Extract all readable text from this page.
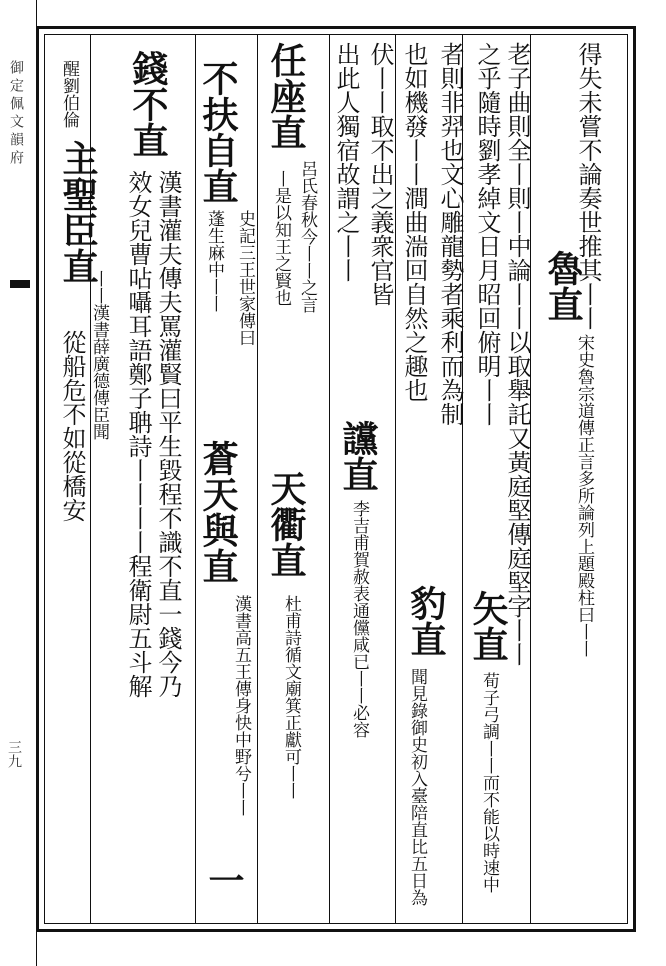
御定佩文韻府
三九
得失未嘗不論奏世推其丨丨
魯直
宋史魯宗道傳正言多所論列上題殿柱曰丨丨
老子曲則全丨則丨中論丨丨以取舉託又黃庭堅傳庭堅字丨丨
之乎隨時劉孝綽文日月昭回俯明丨丨
矢直
荀子弓調丨丨而不能以時速中
者則非羿也文心雕龍勢者乘利而為制
也如機發丨丨澗曲湍回自然之趣也
豹直
聞見錄御史初入臺陪直比五日為
伏丨丨取不出之義衆官皆
讜直
李吉甫賀赦表通儻咸已丨丨必容
出此人獨宿故謂之丨丨
任座直
呂氏春秋今丨丨之言
丨是以知王之賢也
天衢直
杜甫詩循文廟箕正獻可丨丨
不扶自直
史記三王世家傳曰
蓬生麻中丨丨
蒼天與直
漢書高五王傳身快中野兮丨丨
一
錢不直
漢書灌夫傳夫罵灌賢曰平生毀程不識不直一錢今乃
效女兒曹呫囁耳語鄭子聃詩丨丨丨丨程衛尉五斗解
醒劉伯倫
主聖臣直
丨丨漢書薛廣德傳臣聞
從船危不如從橋安
